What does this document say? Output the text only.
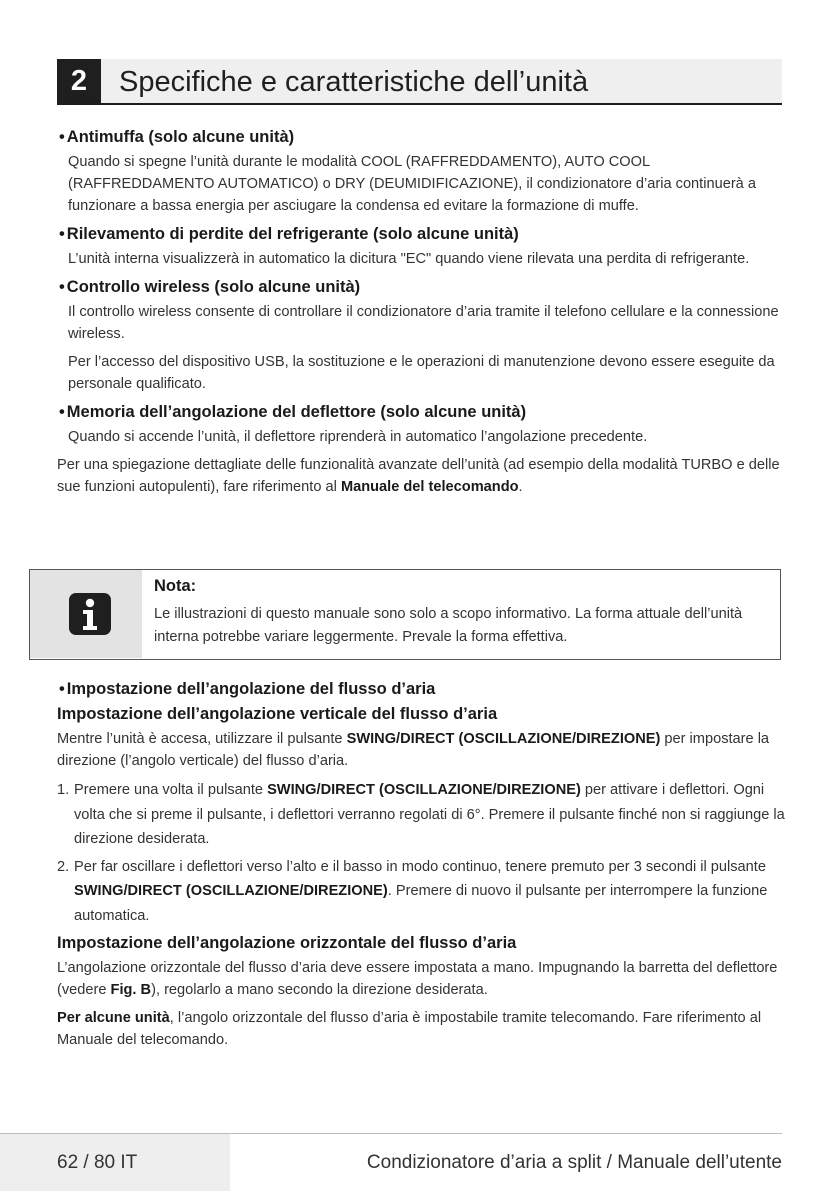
2	Specifiche e caratteristiche dell’unità
• Antimuffa (solo alcune unità)
Quando si spegne l’unità durante le modalità COOL (RAFFREDDAMENTO), AUTO COOL (RAFFREDDAMENTO AUTOMATICO) o DRY (DEUMIDIFICAZIONE), il condizionatore d’aria continuerà a funzionare a bassa energia per asciugare la condensa ed evitare la formazione di muffe.
• Rilevamento di perdite del refrigerante (solo alcune unità)
L’unità interna visualizzerà in automatico la dicitura "EC" quando viene rilevata una perdita di refrigerante.
• Controllo wireless (solo alcune unità)
Il controllo wireless consente di controllare il condizionatore d’aria tramite il telefono cellulare e la connessione wireless.
Per l’accesso del dispositivo USB, la sostituzione e le operazioni di manutenzione devono essere eseguite da personale qualificato.
• Memoria dell’angolazione del deflettore (solo alcune unità)
Quando si accende l’unità, il deflettore riprenderà in automatico l’angolazione precedente.
Per una spiegazione dettagliate delle funzionalità avanzate dell’unità (ad esempio della modalità TURBO e delle sue funzioni autopulenti), fare riferimento al Manuale del telecomando.
Nota:
Le illustrazioni di questo manuale sono solo a scopo informativo. La forma attuale dell’unità interna potrebbe variare leggermente. Prevale la forma effettiva.
• Impostazione dell’angolazione del flusso d’aria
Impostazione dell’angolazione verticale del flusso d’aria
Mentre l’unità è accesa, utilizzare il pulsante SWING/DIRECT (OSCILLAZIONE/DIREZIONE) per impostare la direzione (l’angolo verticale) del flusso d’aria.
1. Premere una volta il pulsante SWING/DIRECT (OSCILLAZIONE/DIREZIONE) per attivare i deflettori. Ogni volta che si preme il pulsante, i deflettori verranno regolati di 6°. Premere il pulsante finché non si raggiunge la direzione desiderata.
2. Per far oscillare i deflettori verso l’alto e il basso in modo continuo, tenere premuto per 3 secondi il pulsante SWING/DIRECT (OSCILLAZIONE/DIREZIONE). Premere di nuovo il pulsante per interrompere la funzione automatica.
Impostazione dell’angolazione orizzontale del flusso d’aria
L’angolazione orizzontale del flusso d’aria deve essere impostata a mano. Impugnando la barretta del deflettore (vedere Fig. B), regolarlo a mano secondo la direzione desiderata.
Per alcune unità, l’angolo orizzontale del flusso d’aria è impostabile tramite telecomando. Fare riferimento al Manuale del telecomando.
62 / 80 IT	Condizionatore d’aria a split / Manuale dell’utente
